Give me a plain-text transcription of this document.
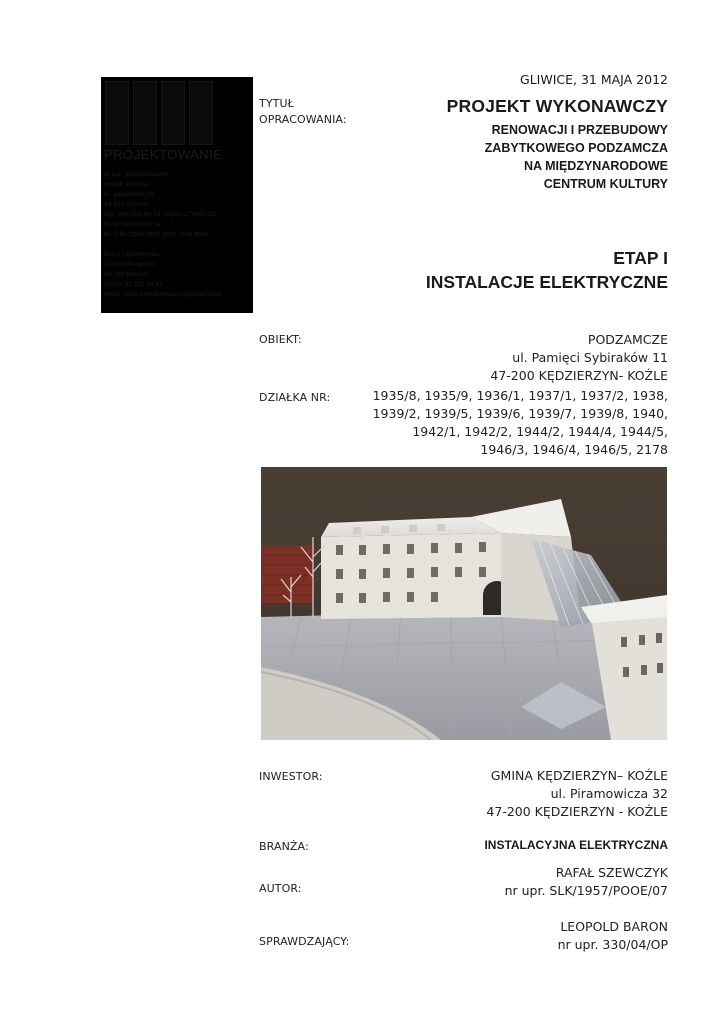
PROJEKTOWANIE
m.s.p. projektowanie
marek pertyka
ul. paulińska 3/6
44-100 gliwice
nip: 969-055-04-79, regon:276937422
bank millenium sa:
81 1160 2202 0000 0000 1618 8564
biuro i grawerrnia:
ul. klińskiego 9/3
44-100 gliwice
tel/fax 32 332 19 07
email: msp.projektowanie@gmail.com
GLIWICE, 31 MAJA 2012
TYTUŁ
OPRACOWANIA:
PROJEKT WYKONAWCZY
RENOWACJI I PRZEBUDOWY
ZABYTKOWEGO PODZAMCZA
NA MIĘDZYNARODOWE
CENTRUM KULTURY
ETAP I
INSTALACJE ELEKTRYCZNE
OBIEKT:	PODZAMCZE
ul. Pamięci Sybiraków 11
47-200 KĘDZIERZYN- KOŹLE
DZIAŁKA NR:	1935/8, 1935/9, 1936/1, 1937/1, 1937/2, 1938,
1939/2, 1939/5, 1939/6, 1939/7, 1939/8, 1940,
1942/1, 1942/2, 1944/2, 1944/4, 1944/5,
1946/3, 1946/4, 1946/5, 2178
INWESTOR:	GMINA KĘDZIERZYN– KOŹLE
ul. Piramowicza 32
47-200 KĘDZIERZYN - KOŹLE
BRANŻA:	INSTALACYJNA ELEKTRYCZNA
AUTOR:
RAFAŁ SZEWCZYK
nr upr. SLK/1957/POOE/07
SPRAWDZAJĄCY:
LEOPOLD BARON
nr upr. 330/04/OP
